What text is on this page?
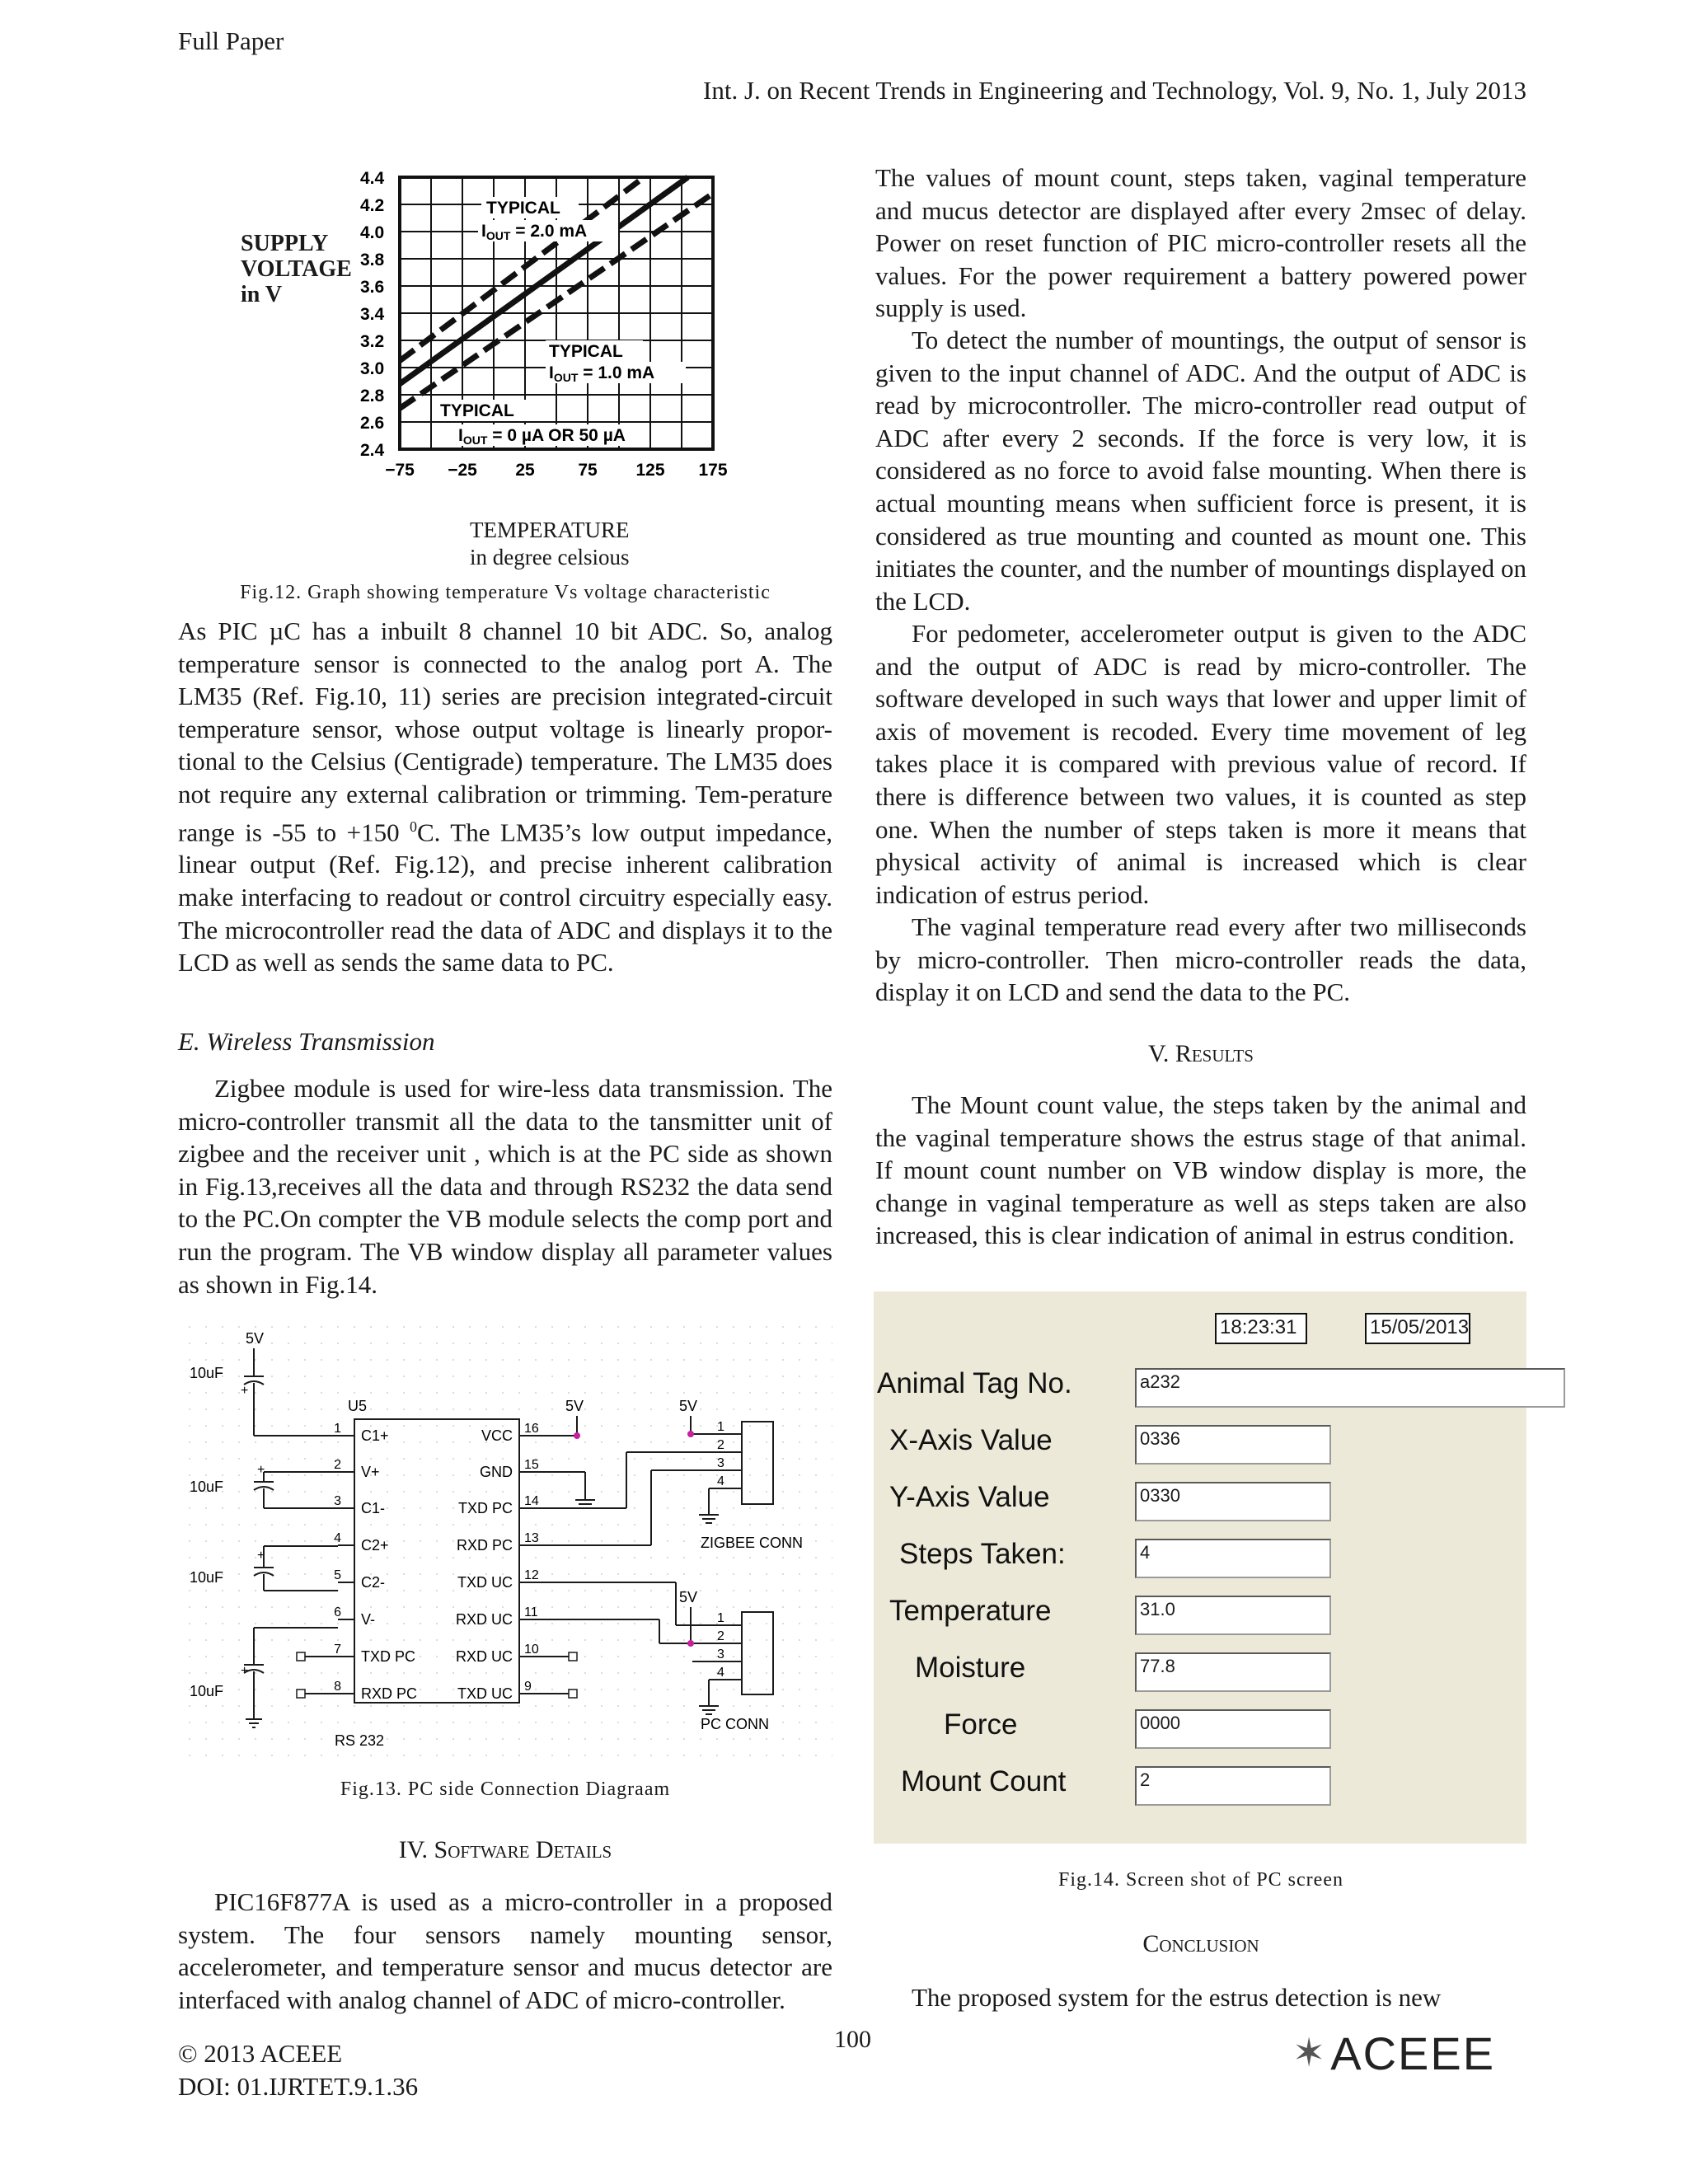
Full Paper
Int. J. on Recent Trends in Engineering and Technology, Vol. 9, No. 1, July 2013
SUPPLY
VOLTAGE
in V
4.4
4.2
4.0
3.8
3.6
3.4
3.2
3.0
2.8
2.6
2.4
−75 −25 25	75 125 175
TYPICAL
IOUT = 2.0 mA
TYPICAL
IOUT = 1.0 mA
TYPICAL
IOUT = 0 µA OR 50 µA
TEMPERATURE
in degree celsious
Fig.12. Graph showing temperature Vs voltage characteristic

As PIC µC has a inbuilt 8 channel 10 bit ADC. So, analog temperature sensor is connected to the analog port A. The LM35 (Ref. Fig.10, 11) series are precision integrated-circuit temperature sensor, whose output voltage is linearly propor-tional to the Celsius (Centigrade) temperature. The LM35 does not require any external calibration or trimming. Tem-perature range is -55 to +150 $^0$C. The LM35’s low output impedance, linear output (Ref. Fig.12), and precise inherent calibration make interfacing to readout or control circuitry especially easy. The microcontroller read the data of ADC and displays it to the LCD as well as sends the same data to PC.

E. Wireless Transmission

Zigbee module is used for wire-less data transmission. The micro-controller transmit all the data to the tansmitter unit of zigbee and the receiver unit , which is at the PC side as shown in Fig.13,receives all the data and through RS232 the data send to the PC.On compter the VB module selects the comp port and run the program. The VB window display all parameter values as shown in Fig.14.

5V
10uF
10uF
10uF
10uF
+
+
+
+
U5
RS 232
1 C1+
2 V+
3 C1-
4 C2+
5 C2-
6 V-
7 TXD PC
8 RXD PC
16
VCC
15
GND
14
TXD PC
13
RXD PC
12
TXD UC
11
RXD UC
10
RXD UC
9
TXD UC
5V	5V
1
2
3
4
ZIGBEE CONN
5V
1
2
3
4
PC CONN
Fig.13. PC side Connection Diagraam
IV. Software Details

PIC16F877A is used as a micro-controller in a proposed system. The four sensors namely mounting sensor, accelerometer, and temperature sensor and mucus detector are interfaced with analog channel of ADC of micro-controller.

The values of mount count, steps taken, vaginal temperature and mucus detector are displayed after every 2msec of delay. Power on reset function of PIC micro-controller resets all the values. For the power requirement a battery powered power supply is used.

To detect the number of mountings, the output of sensor is given to the input channel of ADC. And the output of ADC is read by microcontroller. The micro-controller read output of ADC after every 2 seconds. If the force is very low, it is considered as no force to avoid false mounting. When there is actual mounting means when sufficient force is present, it is considered as true mounting and counted as mount one. This initiates the counter, and the number of mountings displayed on the LCD.

For pedometer, accelerometer output is given to the ADC and the output of ADC is read by micro-controller. The software developed in such ways that lower and upper limit of axis of movement is recoded. Every time movement of leg takes place it is compared with previous value of record. If there is difference between two values, it is counted as step one. When the number of steps taken is more it means that physical activity of animal is increased which is clear indication of estrus period.

The vaginal temperature read every after two milliseconds by micro-controller. Then micro-controller reads the data, display it on LCD and send the data to the PC.

V. Results

The Mount count value, the steps taken by the animal and the vaginal temperature shows the estrus stage of that animal. If mount count number on VB window display is more, the change in vaginal temperature as well as steps taken are also increased, this is clear indication of animal in estrus condition.

18:23:31	15/05/2013
Animal Tag No.	a232
X-Axis Value	0336
Y-Axis Value	0330
Steps Taken:	4
Temperature	31.0
Moisture	77.8
Force	0000
Mount Count	2
Fig.14. Screen shot of PC screen
Conclusion

The proposed system for the estrus detection is new

100
© 2013 ACEEE
DOI: 01.IJRTET.9.1.36
✶ ACEEE
